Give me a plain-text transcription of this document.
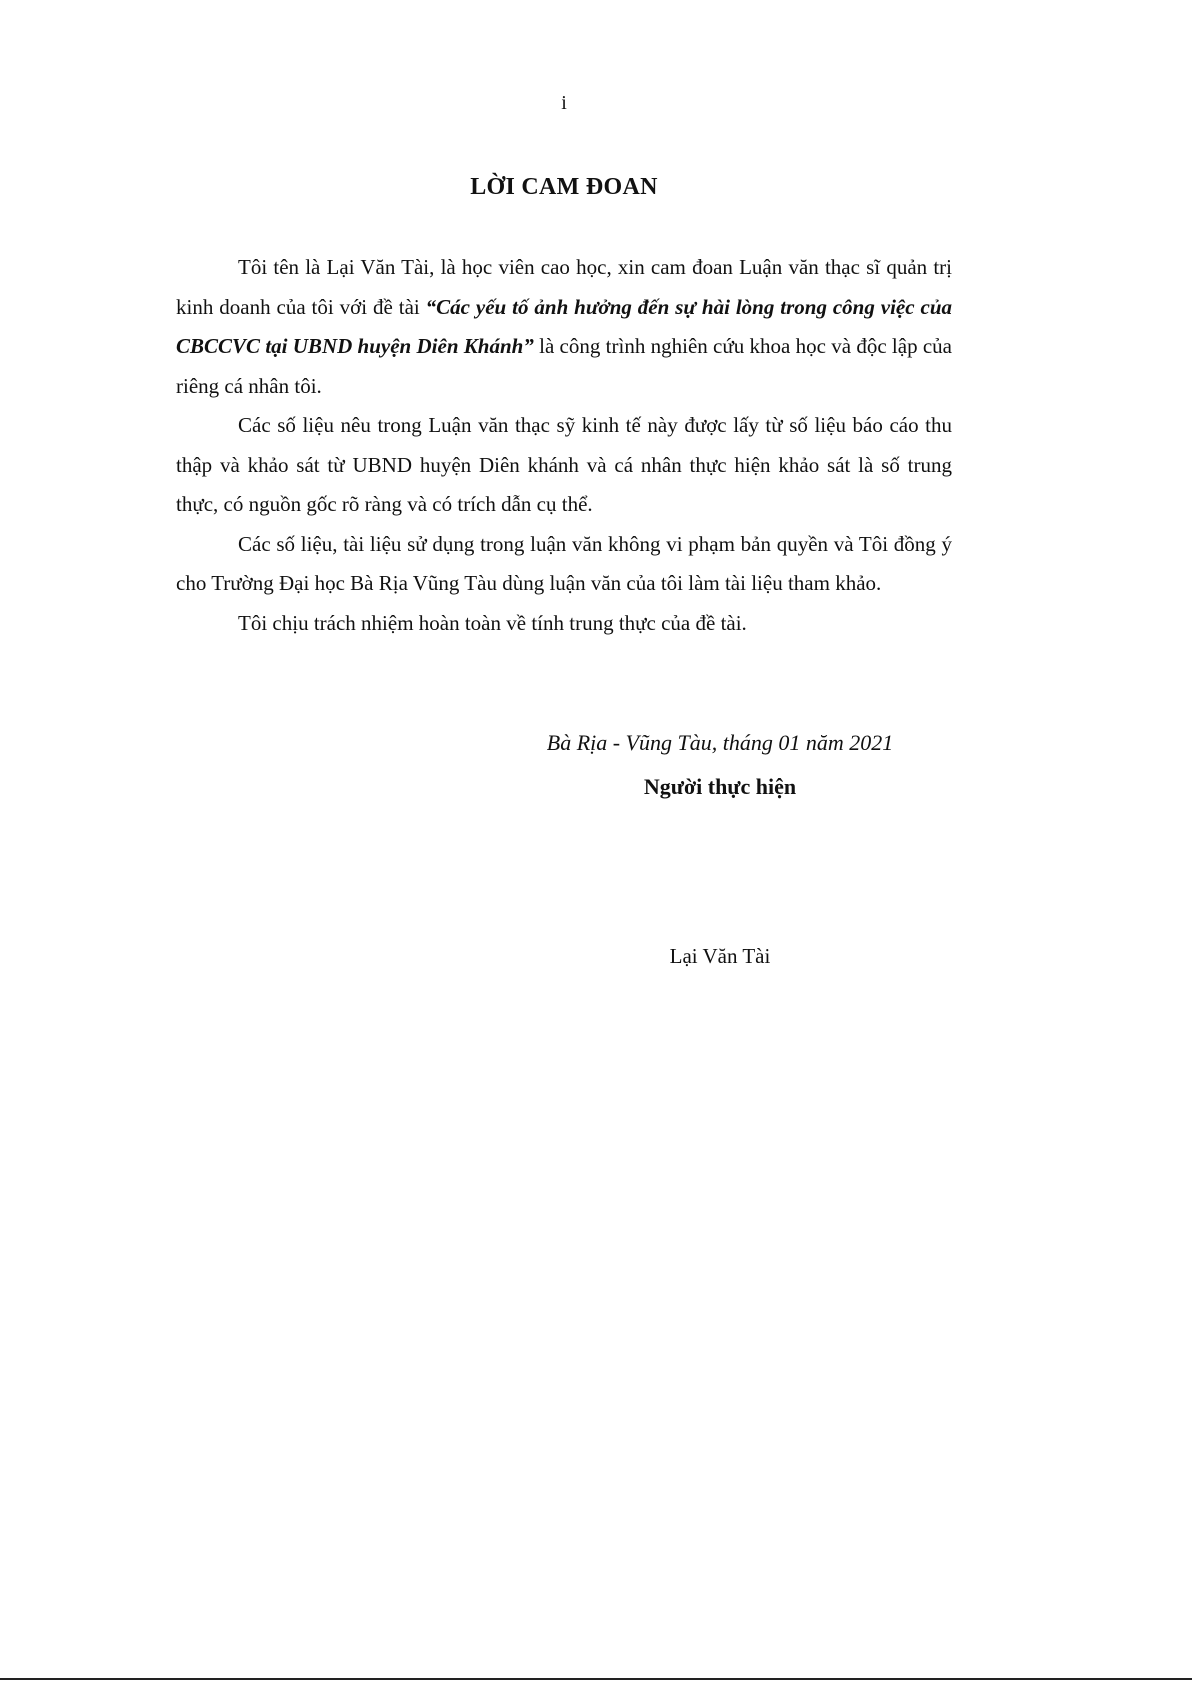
i
LỜI CAM ĐOAN

Tôi tên là Lại Văn Tài, là học viên cao học, xin cam đoan Luận văn thạc sĩ quản trị kinh doanh của tôi với đề tài “Các yếu tố ảnh hưởng đến sự hài lòng trong công việc của CBCCVC tại UBND huyện Diên Khánh” là công trình nghiên cứu khoa học và độc lập của riêng cá nhân tôi.

Các số liệu nêu trong Luận văn thạc sỹ kinh tế này được lấy từ số liệu báo cáo thu thập và khảo sát từ UBND huyện Diên khánh và cá nhân thực hiện khảo sát là số trung thực, có nguồn gốc rõ ràng và có trích dẫn cụ thể.

Các số liệu, tài liệu sử dụng trong luận văn không vi phạm bản quyền và Tôi đồng ý cho Trường Đại học Bà Rịa Vũng Tàu dùng luận văn của tôi làm tài liệu tham khảo.

Tôi chịu trách nhiệm hoàn toàn về tính trung thực của đề tài.

Bà Rịa - Vũng Tàu, tháng 01 năm 2021
Người thực hiện
Lại Văn Tài
